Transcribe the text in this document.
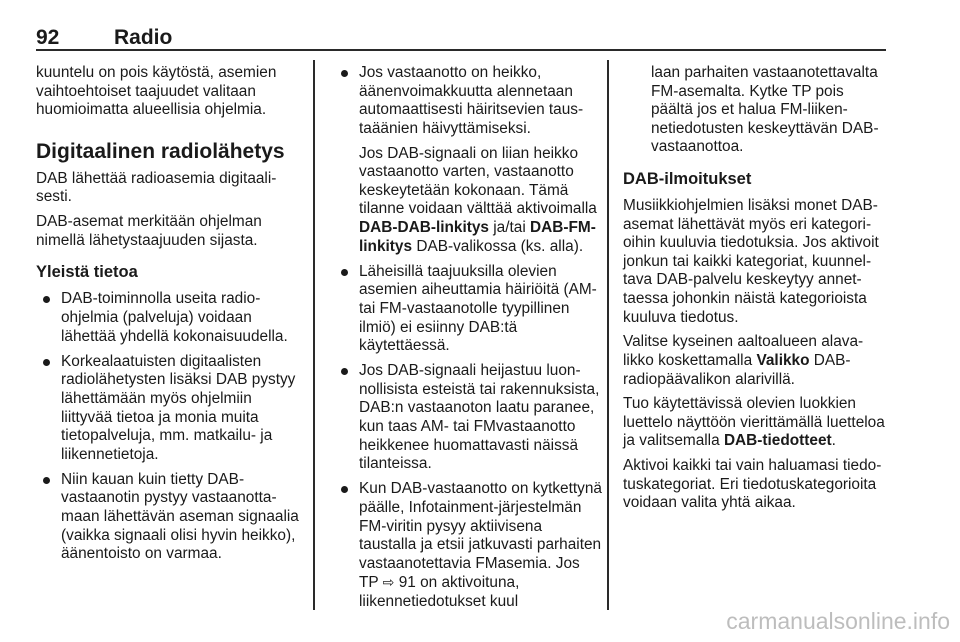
92	Radio

kuuntelu on pois käytöstä, asemien vaihtoehtoiset taajuudet valitaan huomioimatta alueellisia ohjelmia.

Digitaalinen radiolähetys

DAB lähettää radioasemia digitaalisesti.

DAB-asemat merkitään ohjelman nimellä lähetystaajuuden sijasta.

Yleistä tietoa

DAB-toiminnolla useita radioohjelmia (palveluja) voidaan lähettää yhdellä kokonaisuudella.

Korkealaatuisten digitaalisten radiolähetysten lisäksi DAB pystyy lähettämään myös ohjelmiin liittyvää tietoa ja monia muita tietopalveluja, mm. matkailu- ja liikennetietoja.

Niin kauan kuin tietty DABvastaanotin pystyy vastaanottamaan lähettävän aseman signaalia (vaikka signaali olisi hyvin heikko), äänentoisto on varmaa.

Jos vastaanotto on heikko, äänenvoimakkuutta alennetaan automaattisesti häiritsevien taustaäänien häivyttämiseksi.

Jos DAB-signaali on liian heikko vastaanotto varten, vastaanotto keskeytetään kokonaan. Tämä tilanne voidaan välttää aktivoimalla DAB-DAB-linkitys ja/tai DAB-FM-linkitys DAB-valikossa (ks. alla).

Läheisillä taajuuksilla olevien asemien aiheuttamia häiriöitä (AM- tai FM-vastaanotolle tyypillinen ilmiö) ei esiinny DAB:tä käytettäessä.

Jos DAB-signaali heijastuu luonnollisista esteistä tai rakennuksista, DAB:n vastaanoton laatu paranee, kun taas AM- tai FMvastaanotto heikkenee huomattavasti näissä tilanteissa.

Kun DAB-vastaanotto on kytkettynä päälle, Infotainment-järjestelmän FM-viritin pysyy aktiivisena taustalla ja etsii jatkuvasti parhaiten vastaanotettavia FMasemia. Jos TP ⇨ 91 on aktivoituna, liikennetiedotukset kuul

laan parhaiten vastaanotettavalta FM-asemalta. Kytke TP pois päältä jos et halua FM-liikennetiedotusten keskeyttävän DAB-vastaanottoa.

DAB-ilmoitukset

Musiikkiohjelmien lisäksi monet DAB-asemat lähettävät myös eri kategorioihin kuuluvia tiedotuksia. Jos aktivoit jonkun tai kaikki kategoriat, kuunneltava DAB-palvelu keskeytyy annettaessa johonkin näistä kategorioista kuuluva tiedotus.

Valitse kyseinen aaltoalueen alavalikko koskettamalla Valikko DABradiopäävalikon alarivillä.

Tuo käytettävissä olevien luokkien luettelo näyttöön vierittämällä luetteloa ja valitsemalla DAB-tiedotteet.

Aktivoi kaikki tai vain haluamasi tiedotuskategoriat. Eri tiedotuskategorioita voidaan valita yhtä aikaa.

carmanualsonline.info
